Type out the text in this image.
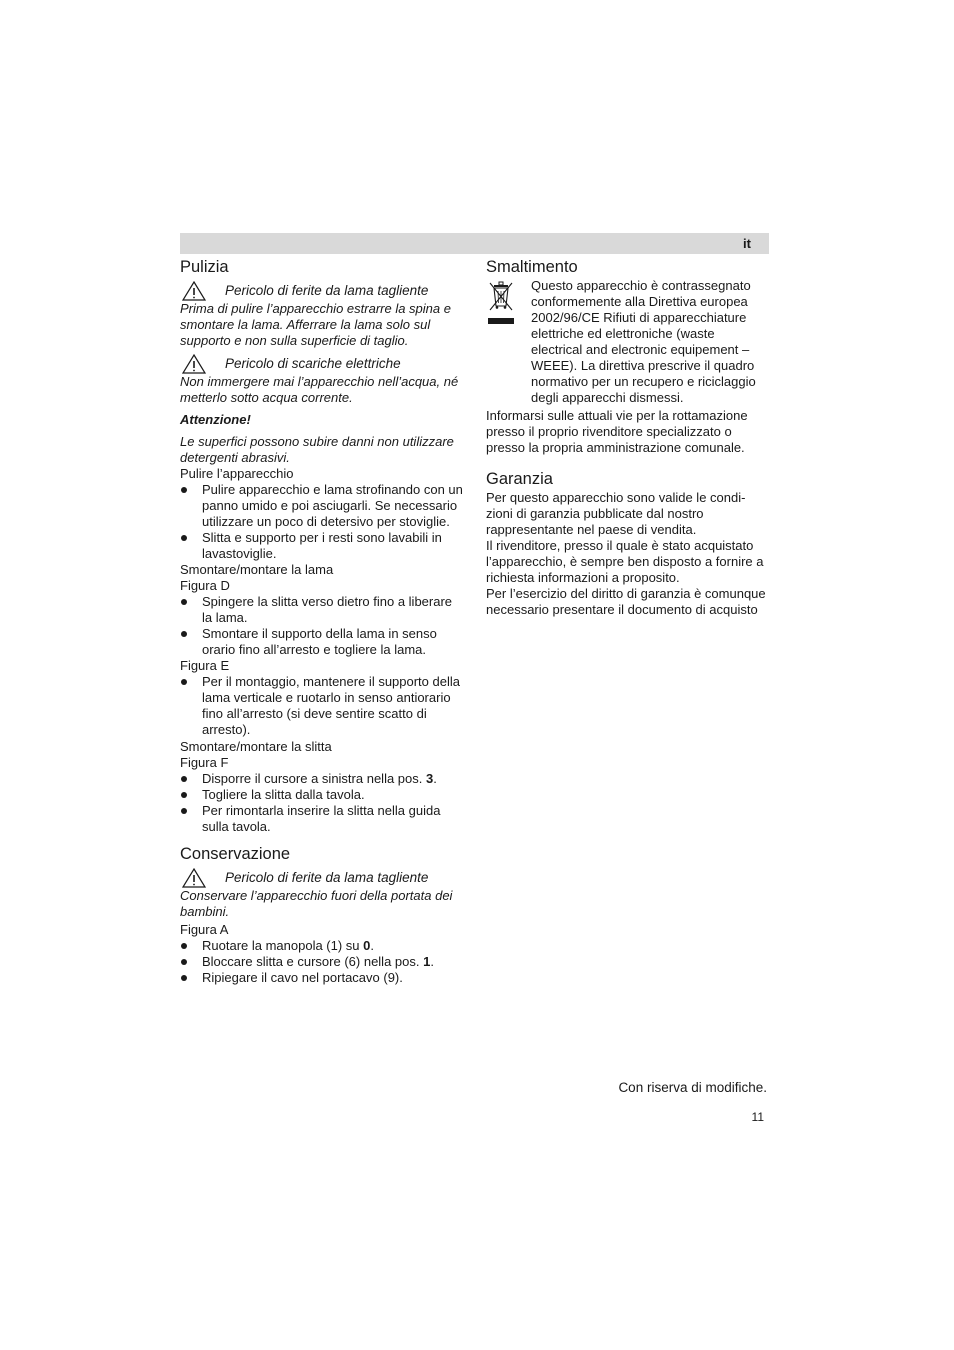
it
Pulizia
Pericolo di ferite da lama tagliente

Prima di pulire l’apparecchio estrarre la spina e smontare la lama. Afferrare la lama solo sul supporto e non sulla superficie di taglio.

Pericolo di scariche elettriche

Non immergere mai l’apparecchio nell’acqua, né metterlo sotto acqua corrente.

Attenzione!

Le superfici possono subire danni non utilizzare detergenti abrasivi.

Pulire l’apparecchio

Pulire apparecchio e lama strofinando con un panno umido e poi asciugarli. Se necessario utilizzare un poco di detersivo per stoviglie.
Slitta e supporto per i resti sono lavabili in lavastoviglie.

Smontare/montare la lama

Figura D

Spingere la slitta verso dietro fino a liberare la lama.
Smontare il supporto della lama in senso orario fino all’arresto e togliere la lama.

Figura E

Per il montaggio, mantenere il supporto della lama verticale e ruotarlo in senso antiorario fino all’arresto (si deve sentire scatto di arresto).

Smontare/montare la slitta

Figura F

Disporre il cursore a sinistra nella pos. 3.
Togliere la slitta dalla tavola.
Per rimontarla inserire la slitta nella guida sulla tavola.
Conservazione
Pericolo di ferite da lama tagliente

Conservare l’apparecchio fuori della portata dei bambini.

Figura A

Ruotare la manopola (1) su 0.
Bloccare slitta e cursore (6) nella pos. 1.
Ripiegare il cavo nel portacavo (9).
Smaltimento

Questo apparecchio è contrassegnato conformemente alla Direttiva europea 2002/96/CE Rifiuti di apparecchiature elettriche ed elettroniche (waste electrical and electronic equipement – WEEE). La direttiva prescrive il quadro normativo per un recupero e riciclaggio degli apparecchi dismessi.

Informarsi sulle attuali vie per la rottamazione presso il proprio rivenditore specializzato o presso la propria amministrazione comunale.

Garanzia

Per questo apparecchio sono valide le condi-zioni di garanzia pubblicate dal nostro rappresentante nel paese di vendita.

Il rivenditore, presso il quale è stato acquistato l’apparecchio, è sempre ben disposto a fornire a richiesta informazioni a proposito.

Per l’esercizio del diritto di garanzia è comunque necessario presentare il documento di acquisto

Con riserva di modifiche.
11
